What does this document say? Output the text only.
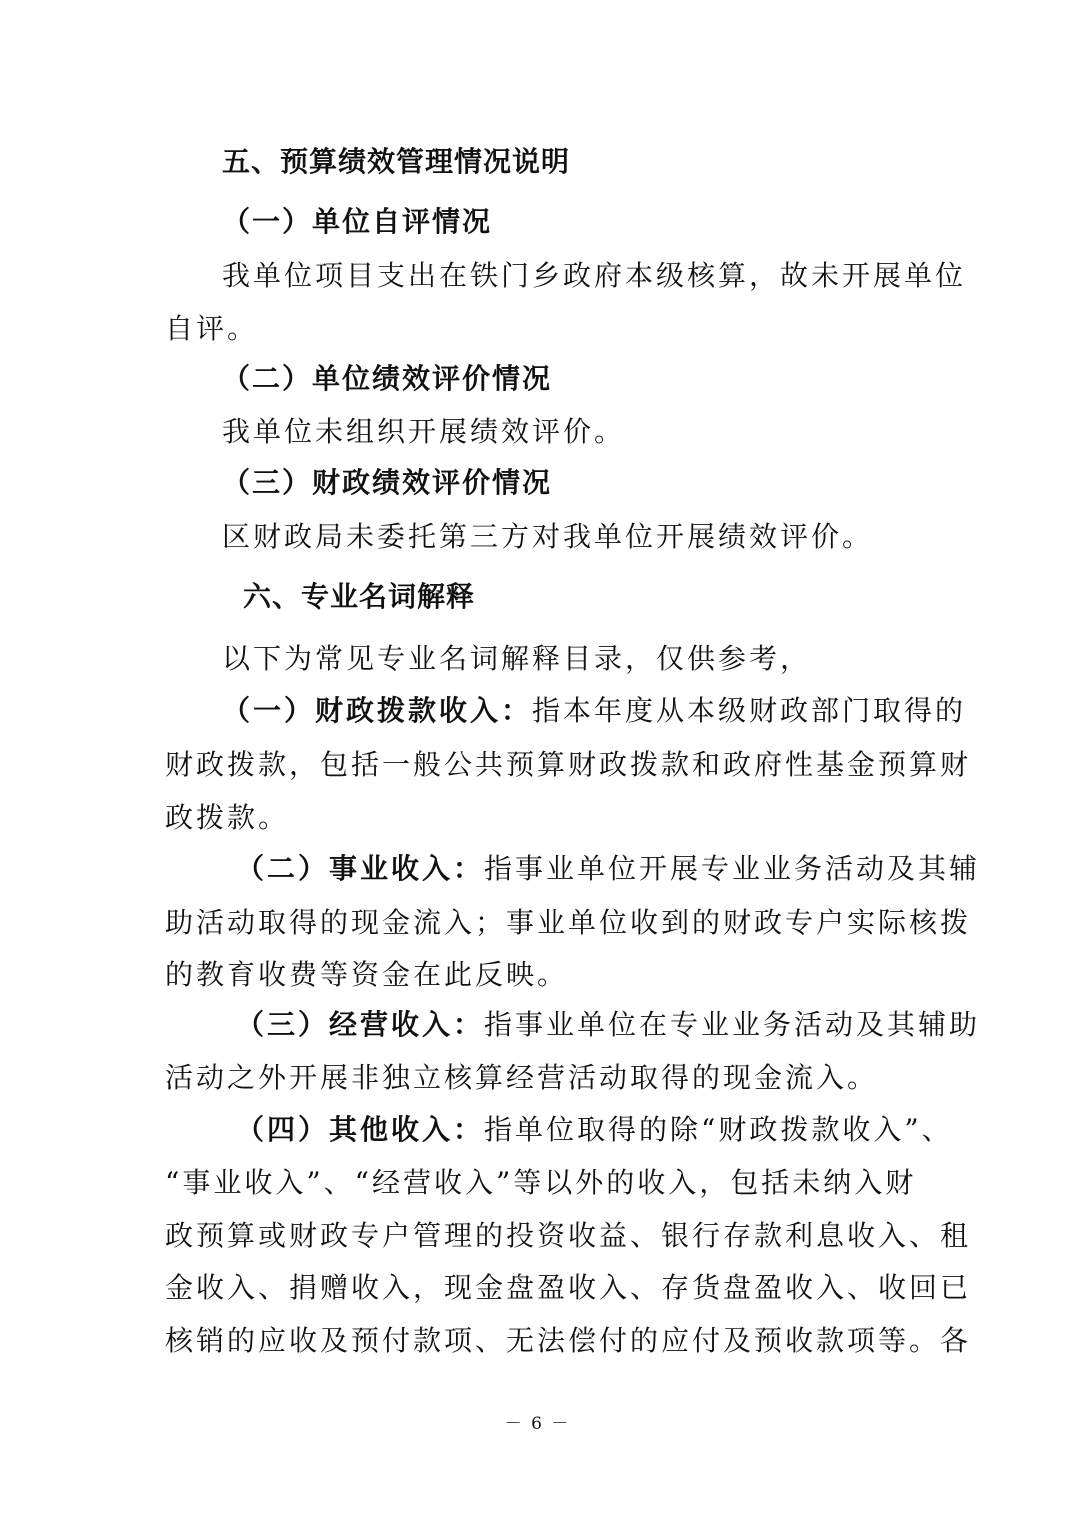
五、预算绩效管理情况说明
（一）单位自评情况
我单位项目支出在铁门乡政府本级核算，故未开展单位
自评。
（二）单位绩效评价情况
我单位未组织开展绩效评价。
（三）财政绩效评价情况
区财政局未委托第三方对我单位开展绩效评价。
六、专业名词解释
以下为常见专业名词解释目录，仅供参考，
（一）财政拨款收入：指本年度从本级财政部门取得的
财政拨款，包括一般公共预算财政拨款和政府性基金预算财
政拨款。
（二）事业收入：指事业单位开展专业业务活动及其辅
助活动取得的现金流入；事业单位收到的财政专户实际核拨
的教育收费等资金在此反映。
（三）经营收入：指事业单位在专业业务活动及其辅助
活动之外开展非独立核算经营活动取得的现金流入。
（四）其他收入：指单位取得的除“财政拨款收入”、
“事业收入”、“经营收入”等以外的收入，包括未纳入财
政预算或财政专户管理的投资收益、银行存款利息收入、租
金收入、捐赠收入，现金盘盈收入、存货盘盈收入、收回已
核销的应收及预付款项、无法偿付的应付及预收款项等。各
－ 6 －
